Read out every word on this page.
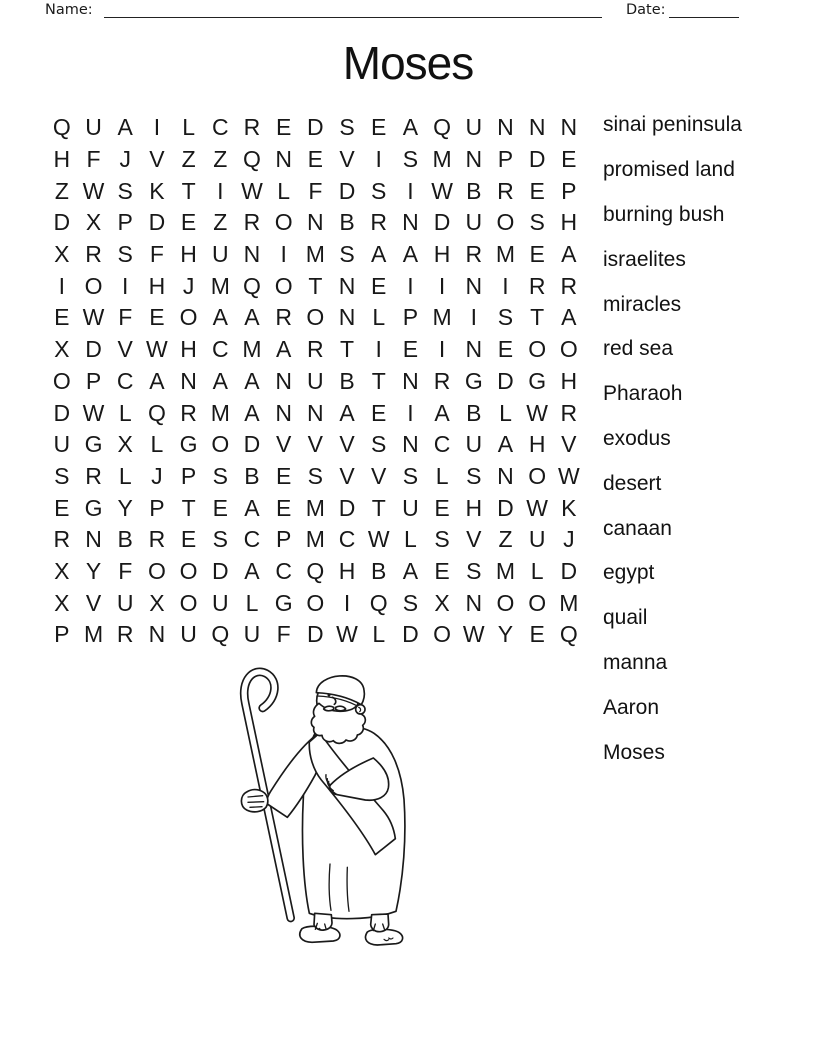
Name:	Date:
Moses
Q U A I L C R E D S E A Q U N N N
H F J V Z Z Q N E V I S M N P D E
Z W S K T I W L F D S I W B R E P
D X P D E Z R O N B R N D U O S H
X R S F H U N I M S A A H R M E A
I O I H J M Q O T N E I	I N I R R
E W F E O A A R O N L P M I S T A
X D V W H C M A R T I E I N E O O
O P C A N A A N U B T N R G D G H
D W L Q R M A N N A E I A B L W R
U G X L G O D V V V S N C U A H V
S R L J P S B E S V V S L S N O W
E G Y P T E A E M D T U E H D W K
R N B R E S C P M C W L S V Z U J
X Y F O O D A C Q H B A E S M L D
X V U X O U L G O I Q S X N O O M
P M R N U Q U F D W L D O W Y E Q
sinai peninsula
promised land
burning bush
israelites
miracles
red sea
Pharaoh
exodus
desert
canaan
egypt
quail
manna
Aaron
Moses
